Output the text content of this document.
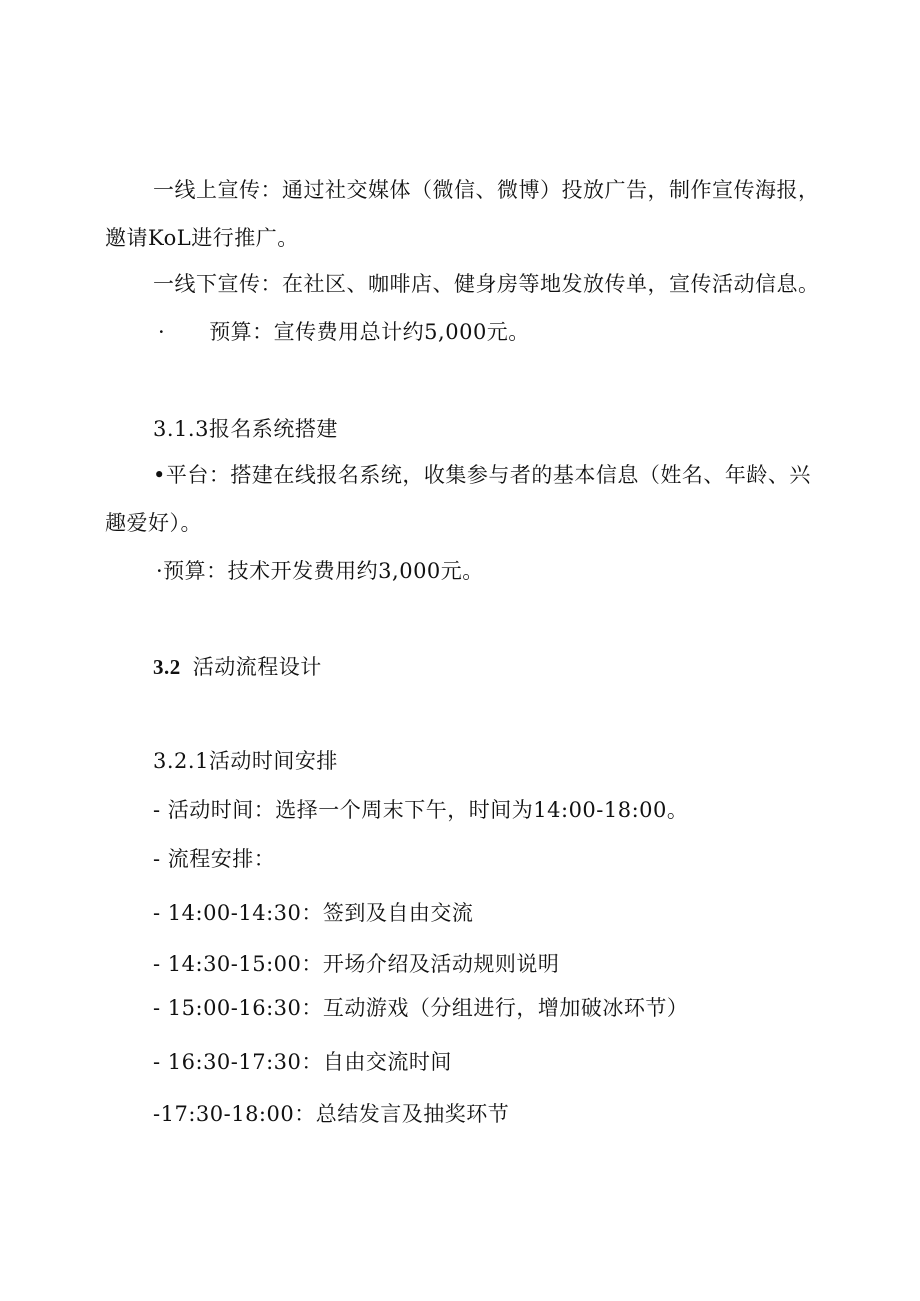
一线上宣传：通过社交媒体（微信、微博）投放广告，制作宣传海报，
邀请KoL进行推广。
一线下宣传：在社区、咖啡店、健身房等地发放传单，宣传活动信息。
· 预算：宣传费用总计约5,000元。
3.1.3报名系统搭建
•平台：搭建在线报名系统，收集参与者的基本信息（姓名、年龄、兴
趣爱好）。
·预算：技术开发费用约3,000元。
3.2 活动流程设计
3.2.1活动时间安排
- 活动时间：选择一个周末下午，时间为14:00-18:00。
- 流程安排：
- 14:00-14:30：签到及自由交流
- 14:30-15:00：开场介绍及活动规则说明
- 15:00-16:30：互动游戏（分组进行，增加破冰环节）
- 16:30-17:30：自由交流时间
-17:30-18:00：总结发言及抽奖环节
